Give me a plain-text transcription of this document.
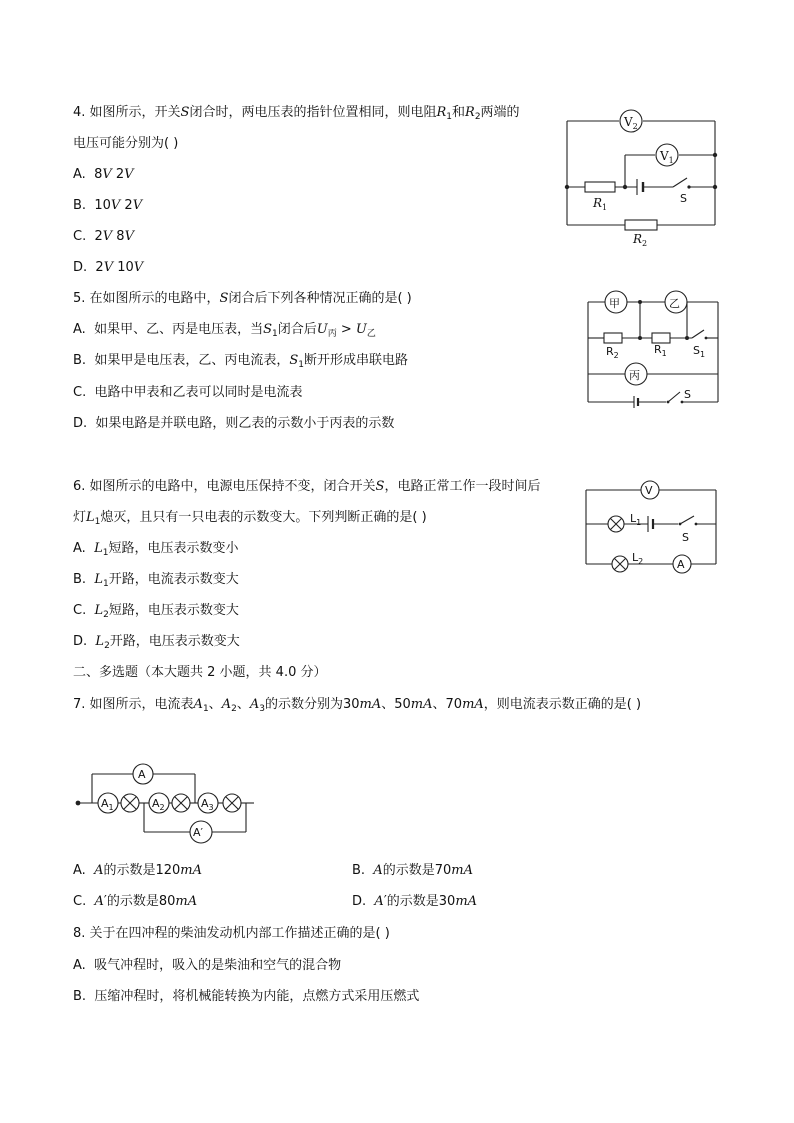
4. 如图所示，开关S闭合时，两电压表的指针位置相同，则电阻$R_1$和$R_2$两端的
电压可能分别为( )
A. 8V 2V
B. 10V 2V
C. 2V 8V
D. 2V 10V
$V_2$
$V_1$
$R_1$
S
$R_2$
5. 在如图所示的电路中，S闭合后下列各种情况正确的是( )
A. 如果甲、乙、丙是电压表，当$S_1$闭合后$U_丙 > U_乙$
B. 如果甲是电压表，乙、丙电流表，$S_1$断开形成串联电路
C. 电路中甲表和乙表可以同时是电流表
D. 如果电路是并联电路，则乙表的示数小于丙表的示数
甲	乙
$R_2$	$R_1$ $S_1$
丙
S
6. 如图所示的电路中，电源电压保持不变，闭合开关S，电路正常工作一段时间后
灯$L_1$熄灭，且只有一只电表的示数变大。下列判断正确的是( )
A. $L_1$短路，电压表示数变小
B. $L_1$开路，电流表示数变大
C. $L_2$短路，电压表示数变大
D. $L_2$开路，电压表示数变大
V
$L_1$
S
A
$L_2$
二、多选题（本大题共 2 小题，共 4.0 分）
7. 如图所示，电流表$A_1$、$A_2$、$A_3$的示数分别为30mA、50mA、70mA，则电流表示数正确的是( )
$A_1$	$A_2$	$A_3$
A
A′
A. A的示数是120mA	B. A的示数是70mA
C. A′的示数是80mA	D. A′的示数是30mA
8. 关于在四冲程的柴油发动机内部工作描述正确的是( )
A. 吸气冲程时，吸入的是柴油和空气的混合物
B. 压缩冲程时，将机械能转换为内能，点燃方式采用压燃式
